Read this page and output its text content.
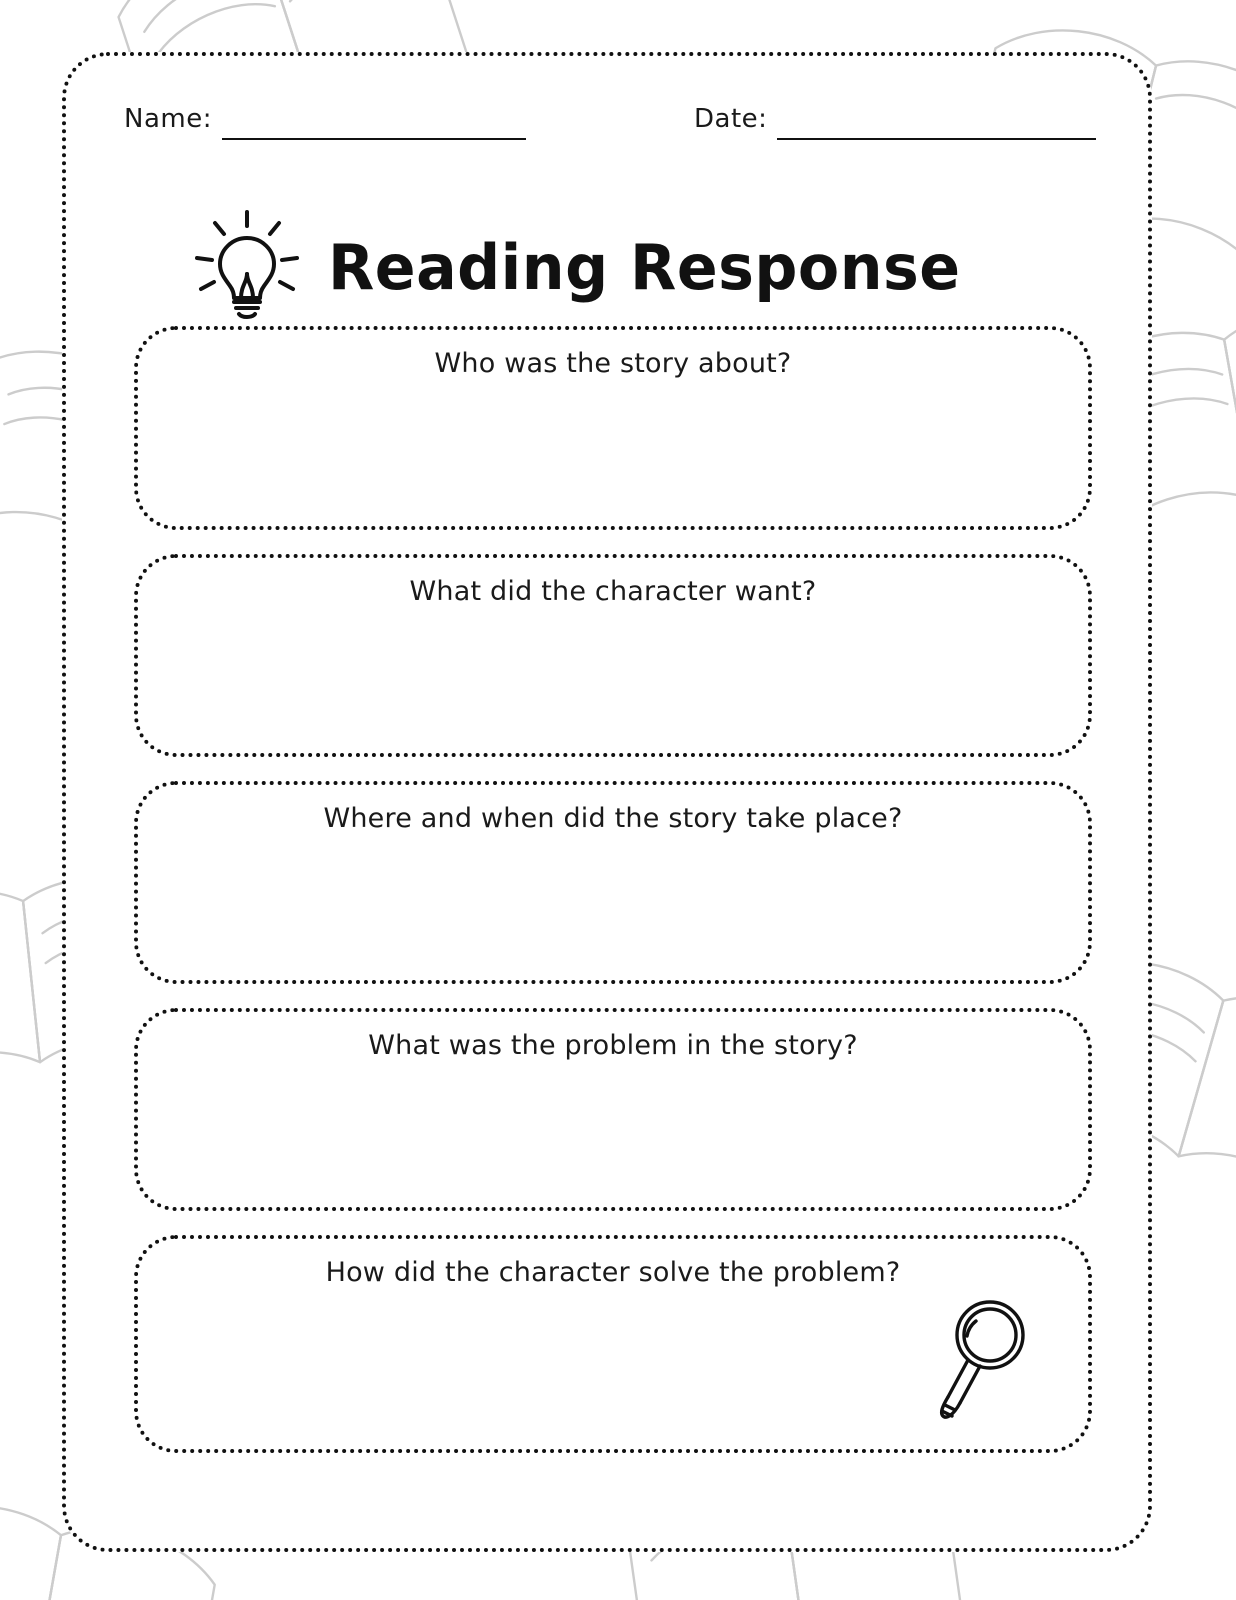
Name:	Date:
Reading Response
Who was the story about?
What did the character want?
Where and when did the story take place?
What was the problem in the story?
How did the character solve the problem?
